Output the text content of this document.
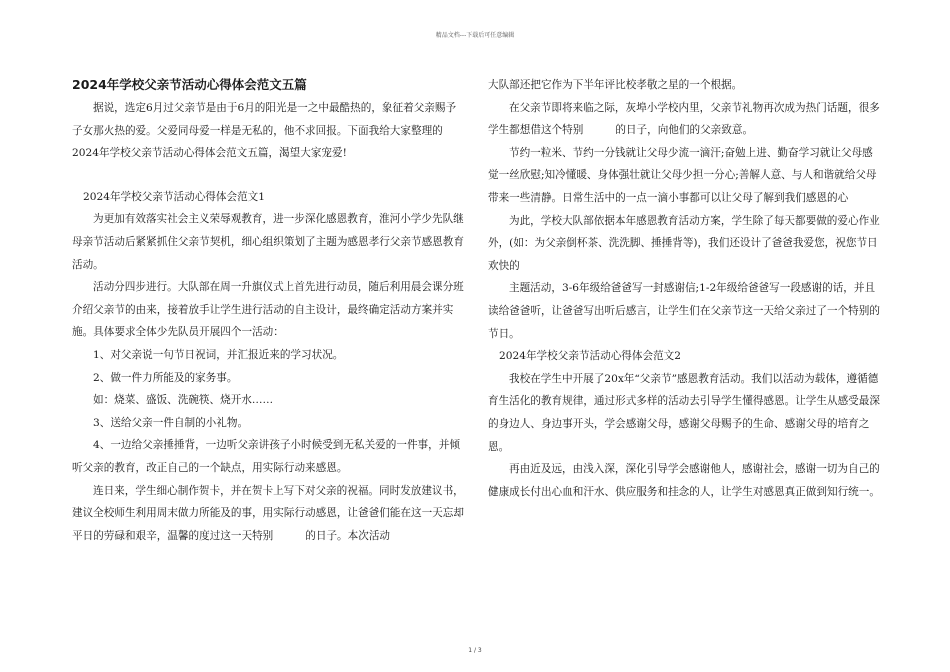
精品文档---下载后可任意编辑
2024年学校父亲节活动心得体会范文五篇

据说，选定6月过父亲节是由于6月的阳光是一之中最酷热的，象征着父亲赐予子女那火热的爱。父爱同母爱一样是无私的，他不求回报。下面我给大家整理的2024年学校父亲节活动心得体会范文五篇，渴望大家宠爱!

2024年学校父亲节活动心得体会范文1

为更加有效落实社会主义荣辱观教育，进一步深化感恩教育，淮河小学少先队继母亲节活动后紧紧抓住父亲节契机，细心组织策划了主题为感恩孝行父亲节感恩教育活动。

活动分四步进行。大队部在周一升旗仪式上首先进行动员，随后利用晨会课分班介绍父亲节的由来，接着放手让学生进行活动的自主设计，最终确定活动方案并实施。具体要求全体少先队员开展四个一活动：

1、对父亲说一句节日祝词，并汇报近来的学习状况。

2、做一件力所能及的家务事。

如：烧菜、盛饭、洗碗筷、烧开水……

3、送给父亲一件自制的小礼物。

4、一边给父亲捶捶背，一边听父亲讲孩子小时候受到无私关爱的一件事，并倾听父亲的教育，改正自己的一个缺点，用实际行动来感恩。

连日来，学生细心制作贺卡，并在贺卡上写下对父亲的祝福。同时发放建议书，建议全校师生利用周末做力所能及的事，用实际行动感恩，让爸爸们能在这一天忘却平日的劳碌和艰辛，温馨的度过这一天特别	的日子。本次活动

大队部还把它作为下半年评比校孝敬之星的一个根据。

在父亲节即将来临之际，灰埠小学校内里，父亲节礼物再次成为热门话题，很多学生都想借这个特别	的日子，向他们的父亲致意。

节约一粒米、节约一分钱就让父母少流一滴汗;奋勉上进、勤奋学习就让父母感觉一丝欣慰;知冷懂暖、身体强壮就让父母少担一分心;善解人意、与人和谐就给父母带来一些清静。日常生活中的一点一滴小事都可以让父母了解到我们感恩的心

为此，学校大队部依据本年感恩教育活动方案，学生除了每天都要做的爱心作业外，(如：为父亲倒杯茶、洗洗脚、捶捶背等)，我们还设计了爸爸我爱您，祝您节日欢快的

主题活动，3-6年级给爸爸写一封感谢信;1-2年级给爸爸写一段感谢的话，并且读给爸爸听，让爸爸写出听后感言，让学生们在父亲节这一天给父亲过了一个特别的节日。

2024年学校父亲节活动心得体会范文2

我校在学生中开展了20x年“父亲节”感恩教育活动。我们以活动为载体，遵循德育生活化的教育规律，通过形式多样的活动去引导学生懂得感恩。让学生从感受最深的身边人、身边事开头，学会感谢父母，感谢父母赐予的生命、感谢父母的培育之恩。

再由近及远，由浅入深，深化引导学会感谢他人，感谢社会，感谢一切为自己的健康成长付出心血和汗水、供应服务和挂念的人，让学生对感恩真正做到知行统一。

1 / 3
